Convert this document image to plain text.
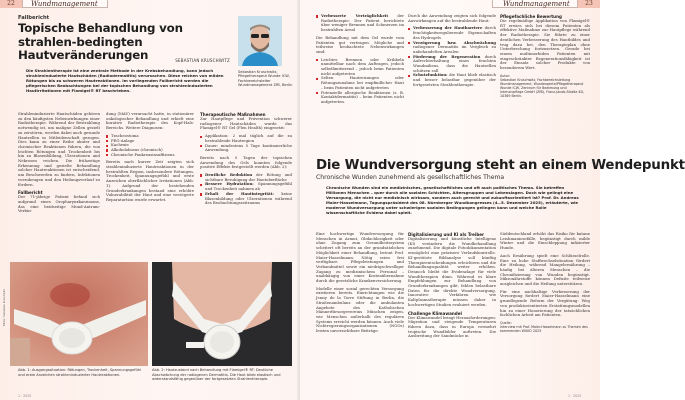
22	Wundmanagement
Fallbericht
Topische Behandlung von strahlen-bedingten Hautveränderungen	SEBASTIAN KRUSCHWITZ
Die Strahlentherapie ist eine zentrale Methode in der Krebsbehandlung, kann jedoch strahleninduzierte Hautschäden (Radiodermatitis) verursachen. Diese reichen von milden Rötungen bis zu schweren Hautreaktionen. Im vorliegenden Fallbericht werden die pflegerischen Beobachtungen bei der topischen Behandlung von strahleninduzierten Hautirritationen mit Flamigel® RT beschrieben.
Sebastian Kruschwitz, Pflegetherapeut Wunde ICW, Fachbereichsleiter Wundmanagement ZfB, Berlin

Strahleninduzierte Hautschäden gehören zu den häufigsten Nebenwirkungen einer Radiotherapie. Während der Bestrahlung notwendig ist, um maligne Zellen gezielt zu zerstören, werden dabei auch gesunde Hautzellen in Mitleidenschaft gezogen. Dies kann zu einer Reihe akuter und chronischer Reaktionen führen, die von leichten Rötungen und Trockenheit bis hin zu Blasenbildung, Ulzerationen und Nekrosen reichen. Die frühzeitige Erkennung und gezielte Behandlung solcher Hautreaktionen ist entscheidend, um Beschwerden zu lindern, Infektionen vorzubeugen und den Heilungsverlauf zu fördern.

Fallbericht

Der 71-jährige Patient befand sich aufgrund eines Oropharynxkarzinoms, das eine beidseitige Mund-Antrum-Verbin-

dung (MAV) verursacht hatte, in stationärer onkologischer Behandlung und erhielt eine kurative Radiotherapie des Kopf-Hals-Bereichs. Weitere Diagnosen:

Tracheostoma
PEG-Anlage
Kachexie
Alkoholabusus (chronisch)
Chronische Pankreasinsuffizienz.

Bereits nach kurzer Zeit zeigten sich strahleninduzierte Hautreaktionen in der bestrahlten Region, insbesondere Rötungen, Trockenheit, Spannungsgefühl und erste Anzeichen oberflächlicher Irritationen (Abb. 1). Aufgrund der bestehenden Grunderkrankungen bestand eine erhöhte Vulnerabilität der Haut und eine verzögerte Reparaturtion wurde erwartet.

Therapeutische Maßnahmen

Zur Hautpflege und Prävention schwerer radiogener Hautschäden wurde das Flamigel® RT Gel (Flen Health) eingesetzt:

Applikation: 2 mal täglich auf die zu bestrahlende Hautregion
Dauer: mindestens 5 Tage kontinuierliche Anwendung.

Bereits nach 5 Tagen der topischen Anwendung des Gels konnten folgende positive Effekte festgestellt werden (Abb. 2):

Deutliche Reduktion der Rötung und sichtbare Beruhigung der Hautoberfläche
Bessere Hydratation: Spannungsgefühl und Trockenheit nahmen ab
Erhalt der Hautintegrität: keine Blasenbildung oder Ulzerationen während des Beobachtungszeitraums
Bilder: Sebastian Kruschwitz
Abb. 1: Ausgangssituation: Rötungen, Trockenheit, Spannungsgefühl und erste Anzeichen strahleninduzierter Hautreaktionen.
Abb. 2: Hautzustand nach Behandlung mit Flamigel® RT: Deutliche Abschwächung der radiogenen Dermatitis. Die Haut blieb elastisch und widerstandsfähig gegenüber der fortgesetzten Strahlentherapie.
1 · 2025
Wundmanagement	23
Verbesserte Verträglichkeit der Radiotherapie: Der Patient berichtete über weniger Brennen und Schmerzen im bestrahlten Areal

Die Behandlung mit dem Gel wurde vom Patienten gut vertragen. Mögliche und teilweise beobachtete Nebenwirkungen sind:

Leichtes Brennen oder Kribbeln unmittelbar nach dem Auftragen, jedoch selbstlimitierend – jedoch beim Patienten nicht aufgetreten
Selten Hautreizungen oder Rötungszunahme bei empfindlicher Haut – beim Patienten nicht aufgetreten
Potenzielle allergische Reaktionen (z. B. Kontaktdermatitis) – beim Patienten nicht aufgetreten.

Durch die Anwendung zeigten sich folgende Auswirkungen auf die bestrahlende Haut:

Verbesserung der Hautbarriere durch feuchtigkeitsregulierende Eigenschaften des Hydrogels
Verzögerung bzw. Abschwächung radiogener Dermatitis im Vergleich zu unbehandelten Arealen
Förderung der Regeneration durch Aufrechterhaltung eines feuchten Wundmilieus, dass die Hautzellen schützen soll
Schutzfunktion: die Haut blieb elastisch und besser belastbar gegenüber der fortgesetzten Strahlentherapie.
Pflegefachliche Bewertung

Die regelmäßige Applikation von Flamigel® RT erwies sich bei diesem Patienten als effektive Maßnahme zur Hautpflege während der Radiotherapie. Sie führte zu einer deutlichen Verbesserung des Hautbildes und trug dazu bei, den Therapieplan ohne Unterbrechung fortzusetzen. Gerade bei einem multimorbiden Patienten mit eingeschränkter Regenerationsfähigkeit ist der Einsatz solcher Produkte von besonderem Wert.

Autor:
Sebastian Kruschwitz, Fachbereichsleitung Wundmanagement, Wundexperte/Pflegetherapeut Wunde ICW, Zentrum für Beatmung und Intensivpflege GmbH (ZfB), Franz-Jacob-Straße 4D, 10369 Berlin.
Die Wundversorgung steht an einem Wendepunkt
Chronische Wunden zunehmend als gesellschaftliches Thema
Chronische Wunden sind ein medizinisches, gesellschaftliches und oft auch politisches Thema. Sie betreffen Millionen Menschen – quer durch alle sozialen Schichten, Altersgruppen und Lebenslagen. Doch wie gelingt eine Versorgung, die nicht nur medizinisch wirksam, sondern auch gerecht und zukunftsorientiert ist? Prof. Dr. Andreas Maier-Hasselmann, Tagungspräsident des 08. Nürnberger Wundkongresses (4.–5. Dezember 2025), erläuterte, wie moderne Wundversorgung unter schwierigen sozialen Bedingungen gelingen kann und welche Rolle wissenschaftliche Evidenz dabei spielt.

Eine hochwertige Wundversorgung für Menschen in Armut, Obdachlosigkeit oder ohne Zugang zum Gesundheitssystem scheitert oft bereits an der grundsätzlichen Möglichkeit einer Behandlung, betont Prof. Maier-Hasselmann. Nötig seien frei verfügbare Pflegeleistungen und Verbandmittel sowie ein niedrigschwelliger Zugang zu medizinischem Personal – unabhängig von einer Kostenübernahme durch die gesetzliche Krankenversicherung.

Modelle einer sozial gerechten Versorgung existieren bereits. Einrichtungen wie die Jenny de la Torre Stiftung in Berlin, die Straßenambulanz oder die ambulanten Angebote des Katholischen Männerfürsorgevereins München zeigen, wie Menschen außerhalb des regulären Systems erreicht werden können. Auch viele Nichtregierungsorganisationen (NGOs) leisten unverzichtbare Beiträge.

Digitalisierung und KI als Treiber

Digitalisierung und künstliche Intelligenz (KI) verändern die Wundbehandlung zunehmend. Die digitale Fotodokumentation ermöglicht eine präzisere Verlaufskontrolle. KI-gestützte Bildanalyse soll künftig Therapieentscheidungen erleichtern und die Behandlungsqualität weiter erhöhen. Dennoch bleibt die Evidenzlage für viele Wundtherapien dünn. Während es klare Empfehlungen zur Behandlung von Grunderkrankungen gibt, fehlen belastbare Daten für die direkte Wundversorgung. Innovative Verfahren wie Kaltplasmatherapie müssen daher in hochwertigen Studien evaluiert werden.

Challenge Klimawandel

Der Klimawandel bringt Herausforderungen: Migration und steigende Temperaturen führen dazu, dass in Europa vermehrt tropische Wundbilder auftreten. Die Ausbreitung der Sandmücke in

Süddeutschland erhöht das Risiko für kutane Leishmaniosefälle, begünstigt durch milde Winter und die Einschleppung infizierter Hunde.

Auch Ernährung spielt eine Schlüsselrolle. Eine zu hohe Stoffwechselsituation fördert die Heilung, während Mangelernährung – häufig bei älteren Menschen – die Chronifizierung von Wunden begünstigt. Mikronährstoffe können Defizite teilweise ausgleichen und die Heilung unterstützen.

Für eine nachhaltige Verbesserung der Versorgung fordert Maier-Hasselmann eine grundlegende Reform der Vergütung: Weg von produktorientierten Erstattungsmodellen hin zu einer Honorierung der tatsächlichen fachlichen Arbeit am Patienten.

Quelle:
Interview mit Prof. Maier-Hasselmann zu Themen des kommenden WUKO 2025
1 · 2025
